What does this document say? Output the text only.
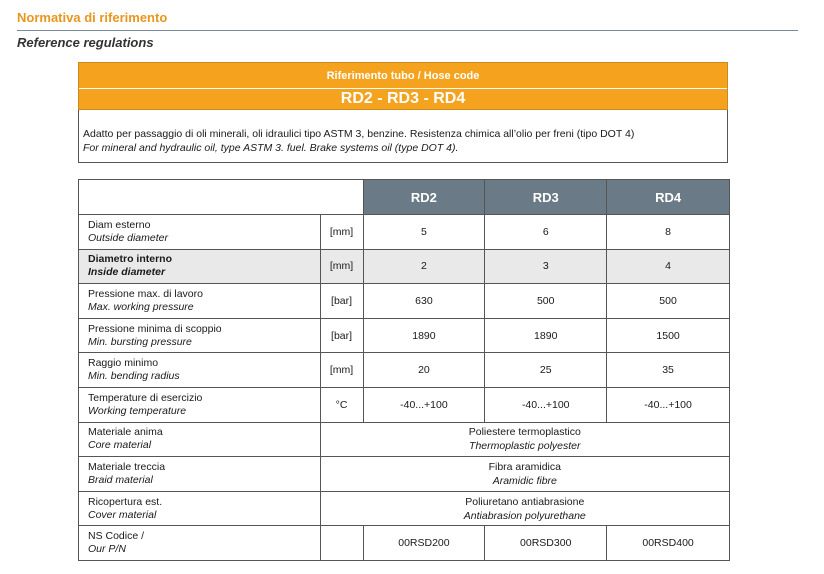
Normativa di riferimento
Reference regulations
Riferimento tubo / Hose code
RD2 - RD3 - RD4
Adatto per passaggio di oli minerali, oli idraulici tipo ASTM 3, benzine. Resistenza chimica all’olio per freni (tipo DOT 4)
For mineral and hydraulic oil, type ASTM 3. fuel. Brake systems oil (type DOT 4).
		RD2	RD3	RD4

Diam esterno
Outside diameter	[mm]	5	6	8

Diametro interno
Inside diameter	[mm]	2	3	4

Pressione max. di lavoro
Max. working pressure	[bar]	630	500	500

Pressione minima di scoppio
Min. bursting pressure	[bar]	1890	1890	1500

Raggio minimo
Min. bending radius	[mm]	20	25	35

Temperature di esercizio
Working temperature	°C	-40...+100	-40...+100	-40...+100

Materiale anima
Core material	Poliestere termoplastico
Thermoplastic polyester			

Materiale treccia
Braid material	Fibra aramidica
Aramidic fibre			

Ricopertura est.
Cover material	Poliuretano antiabrasione
Antiabrasion polyurethane			

NS Codice /
Our P/N		00RSD200	00RSD300	00RSD400
